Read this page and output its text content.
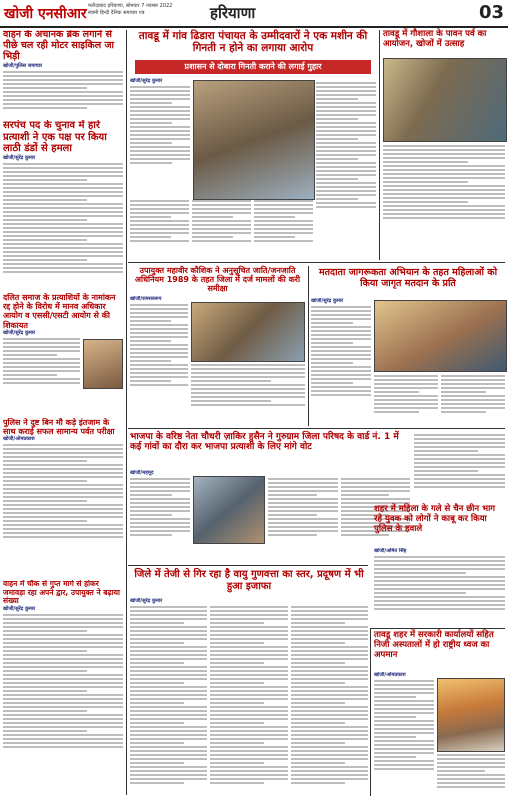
खोजी एनसीआर फरीदाबाद हरियाणा, सोमवार 7 नवम्बर 2022
स्वामी हिन्दी दैनिक समाचार पत्र	हरियाणा	03
वाहन के अचानक ब्रेक लगाने से पीछे चल रही मोटर साइकिल जा भिड़ी
खोजी/पुलिस समाचार
सरपंच पद के चुनाव में हारे प्रत्याशी ने एक पक्ष पर किया लाठी डंडों से हमला
खोजी/सुरेंद्र कुमार
दलित समाज के प्रत्याशियों के नामांकन रद्द होने के विरोध में मानव अधिकार आयोग व एससी/एसटी आयोग से की शिकायत
खोजी/सुरेंद्र कुमार
पुलिस ने दुष्ट बिन मौ कड़े इंतजाम के साथ कराई सफल सामान्य पर्वत परीक्षा
खोजी/ओमप्रकाश
वाहन में चौक से गुप्त मार्ग से होकर जमावड़ा रहा अपने द्वार, उपायुक्त ने बढ़ाया संख्या
खोजी/सुरेंद्र कुमार
तावडू में गांव ढिडारा पंचायत के उम्मीदवारों ने एक मशीन की गिनती न होने का लगाया आरोप
प्रशासन से दोबारा गिनती कराने की लगाई गुहार
खोजी/सुरेंद्र कुमार
तावडू में गौशाला के पावन पर्व का आयोजन, खोजों में उत्साह
उपायुक्त महावीर कौशिक ने अनुसूचित जाति/जनजाति अधिनियम 1989 के तहत जिला में दर्ज मामलों की करी समीक्षा
खोजी/रामसवरूप
मतदाता जागरूकता अभियान के तहत महिलाओं को किया जागृत मतदान के प्रति
खोजी/सुरेंद्र कुमार
भाजपा के वरिष्ठ नेता चौधरी ज़ाकिर हुसैन ने गुरुग्राम जिला परिषद के वार्ड नं. 1 में कई गांवों का दौरा कर भाजपा प्रत्याशी के लिए मांगे वोट
खोजी/महमूद
शहर में महिला के गले से चैन छीन भाग रहे युवक को लोगों ने काबू कर किया पुलिस के हवाले
खोजी/अमित सिंह
जिले में तेजी से गिर रहा है वायु गुणवत्ता का स्तर, प्रदूषण में भी हुआ इजाफा
खोजी/सुरेंद्र कुमार
तावडू शहर में सरकारी कार्यालयों सहित निजी अस्पतालों में हो राष्ट्रीय ध्वज का अपमान
खोजी/ओमप्रकाश
